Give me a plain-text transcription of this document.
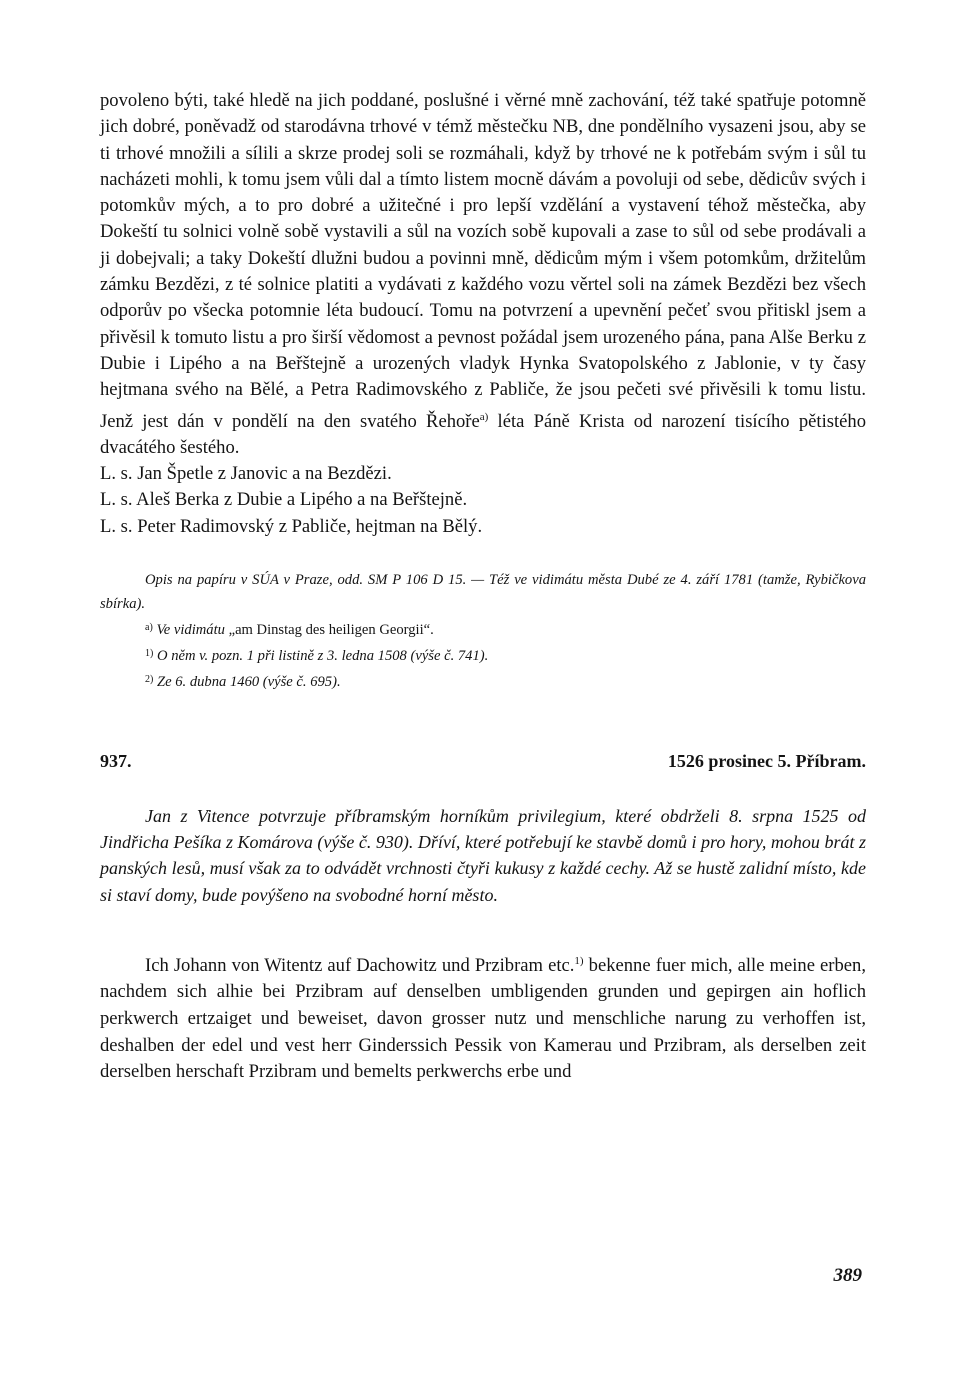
povoleno býti, také hledě na jich poddané, poslušné i věrné mně zachování, též také spatřuje potomně jich dobré, poněvadž od starodávna trhové v témž městečku NB, dne pondělního vysazeni jsou, aby se ti trhové množili a sílili a skrze prodej soli se rozmáhali, když by trhové ne k potřebám svým i sůl tu nacházeti mohli, k tomu jsem vůli dal a tímto listem mocně dávám a povoluji od sebe, dědicův svých i potomkův mých, a to pro dobré a užitečné i pro lepší vzdělání a vystavení téhož městečka, aby Dokeští tu solnici volně sobě vystavili a sůl na vozích sobě kupovali a zase to sůl od sebe prodávali a ji dobejvali; a taky Dokeští dlužni budou a povinni mně, dědicům mým i všem potomkům, držitelům zámku Bezdězi, z té solnice platiti a vydávati z každého vozu věrtel soli na zámek Bezdězi bez všech odporův po všecka potomnie léta budoucí. Tomu na potvrzení a upevnění pečeť svou přitiskl jsem a přivěsil k tomuto listu a pro širší vědomost a pevnost požádal jsem urozeného pána, pana Alše Berku z Dubie i Lipého a na Beřštejně a urozených vladyk Hynka Svatopolského z Jablonie, v ty časy hejtmana svého na Bělé, a Petra Radimovského z Pabliče, že jsou pečeti své přivěsili k tomu listu. Jenž jest dán v pondělí na den svatého Řehoře$^{a)}$ léta Páně Krista od narození tisícího pětistého dvacátého šestého.

L. s. Jan Špetle z Janovic a na Bezdězi.

L. s. Aleš Berka z Dubie a Lipého a na Beřštejně.

L. s. Peter Radimovský z Pabliče, hejtman na Bělý.

Opis na papíru v SÚA v Praze, odd. SM P 106 D 15. — Též ve vidimátu města Dubé ze 4. září 1781 (tamže, Rybičkova sbírka).

$^{a)}$ Ve vidimátu „am Dinstag des heiligen Georgii“.

$^{1)}$ O něm v. pozn. 1 při listině z 3. ledna 1508 (výše č. 741).

$^{2)}$ Ze 6. dubna 1460 (výše č. 695).

937.	1526 prosinec 5. Příbram.

Jan z Vitence potvrzuje příbramským horníkům privilegium, které obdrželi 8. srpna 1525 od Jindřicha Pešíka z Komárova (výše č. 930). Dříví, které potřebují ke stavbě domů i pro hory, mohou brát z panských lesů, musí však za to odvádět vrchnosti čtyři kukusy z každé cechy. Až se hustě zalidní místo, kde si staví domy, bude povýšeno na svobodné horní město.

Ich Johann von Witentz auf Dachowitz und Przibram etc.$^{1)}$ bekenne fuer mich, alle meine erben, nachdem sich alhie bei Przibram auf denselben umbligenden grunden und gepirgen ain hoflich perkwerch ertzaiget und beweiset, davon grosser nutz und menschliche narung zu verhoffen ist, deshalben der edel und vest herr Ginderssich Pessik von Kamerau und Przibram, als derselben zeit derselben herschaft Przibram und bemelts perkwerchs erbe und

389
